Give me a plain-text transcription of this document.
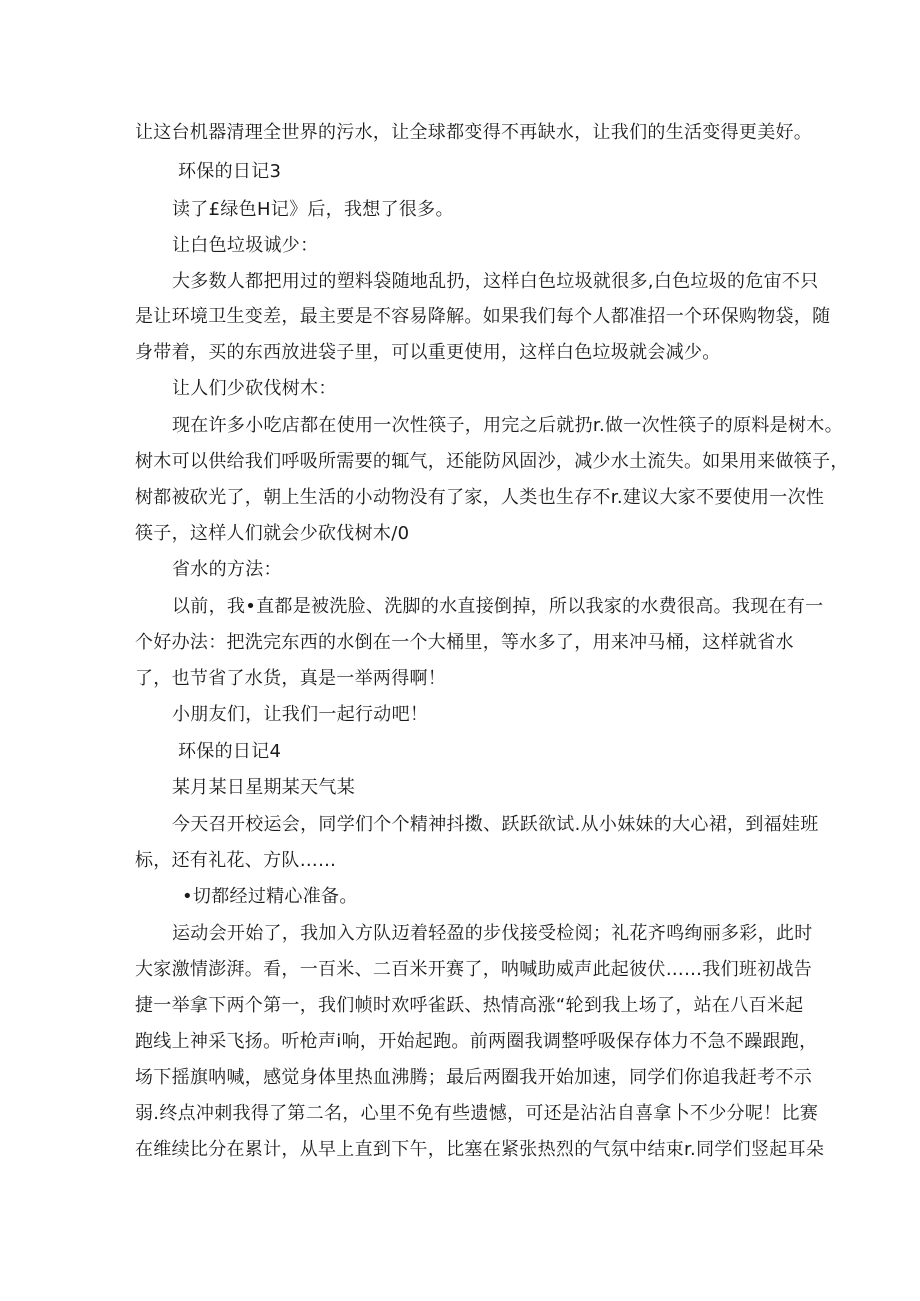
让这台机器清理全世界的污水，让全球都变得不再缺水，让我们的生活变得更美好。
环保的日记3
读了£绿色H记》后，我想了很多。
让白色垃圾诚少：
大多数人都把用过的塑料袋随地乱扔，这样白色垃圾就很多,白色垃圾的危宙不只
是让环境卫生变差，最主要是不容易降解。如果我们每个人都准招一个环保购物袋，随
身带着，买的东西放进袋子里，可以重更使用，这样白色垃圾就会减少。
让人们少砍伐树木：
现在许多小吃店都在使用一次性筷子，用完之后就扔r.做一次性筷子的原料是树木。
树木可以供给我们呼吸所需要的辄气，还能防风固沙，减少水土流失。如果用来做筷子，
树都被砍光了，朝上生活的小动物没有了家，人类也生存不r.建议大家不要使用一次性
筷子，这样人们就会少砍伐树木/0
省水的方法：
以前，我•直都是被洗脸、洗脚的水直接倒掉，所以我家的水费很高。我现在有一
个好办法：把洗完东西的水倒在一个大桶里，等水多了，用来冲马桶，这样就省水
了，也节省了水货，真是一举两得啊！
小朋友们，让我们一起行动吧！
环保的日记4
某月某日星期某天气某
今天召开校运会，同学们个个精神抖擞、跃跃欲试.从小妹妹的大心裙，到福娃班
标，还有礼花、方队……
•切都经过精心准备。
运动会开始了，我加入方队迈着轻盈的步伐接受检阅；礼花齐鸣绚丽多彩，此时
大家激情澎湃。看，一百米、二百米开赛了，呐喊助威声此起彼伏……我们班初战告
捷一举拿下两个第一，我们帧时欢呼雀跃、热情高涨“轮到我上场了，站在八百米起
跑线上神采飞扬。听枪声i响，开始起跑。前两圈我调整呼吸保存体力不急不躁跟跑，
场下摇旗呐喊，感觉身体里热血沸腾；最后两圈我开始加速，同学们你追我赶考不示
弱.终点冲刺我得了第二名，心里不免有些遗憾，可还是沾沾自喜拿卜不少分呢！比赛
在维续比分在累计，从早上直到下午，比塞在紧张热烈的气氛中结束r.同学们竖起耳朵
